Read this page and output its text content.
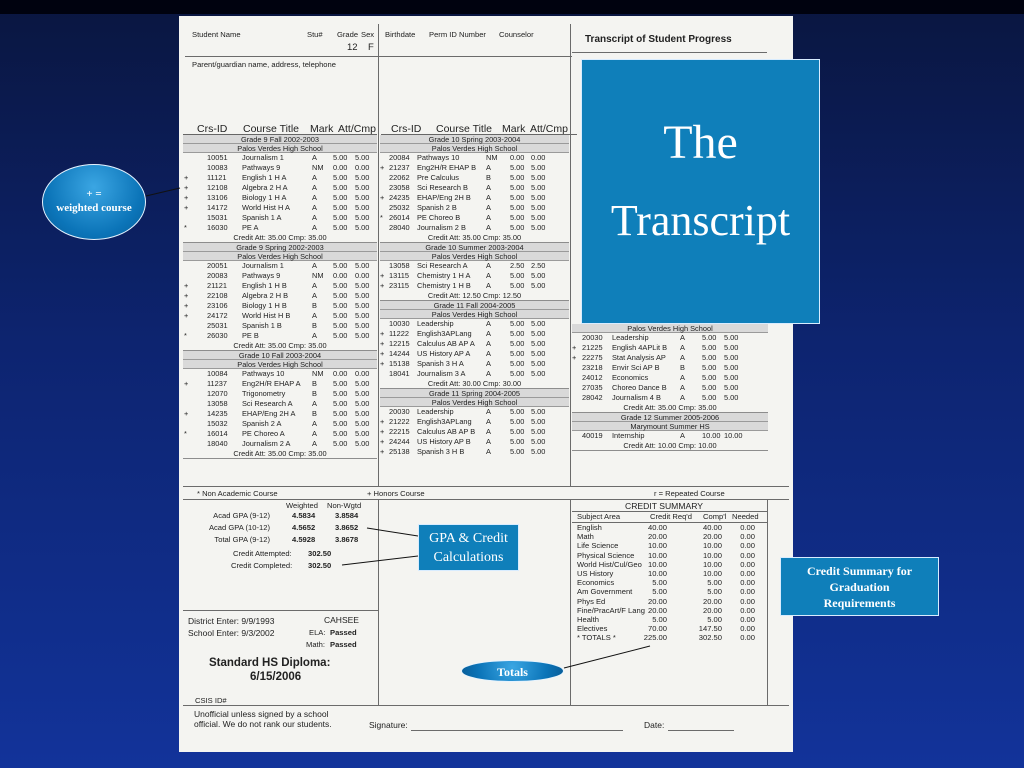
Student Name	Stu# Grade Sex Birthdate Perm ID Number Counselor
12 F
Transcript of Student Progress
Parent/guardian name, address, telephone
Crs-ID Course Title Mark Att/Cmp Crs-ID Course Title Mark Att/Cmp
Grade 9 Fall 2002-2003
Palos Verdes High School
10051 Journalism 1	A 5.00 5.00
10083 Pathways 9	NM 0.00 0.00
+	11121 English 1 H A	A 5.00 5.00
+	12108 Algebra 2 H A	A 5.00 5.00
+	13106 Biology 1 H A	A 5.00 5.00
+	14172 World Hist H A	A 5.00 5.00
15031 Spanish 1 A	A 5.00 5.00
*	16030 PE A	A 5.00 5.00
Credit Att: 35.00 Cmp: 35.00
Grade 9 Spring 2002-2003
Palos Verdes High School
20051 Journalism 1	A 5.00 5.00
20083 Pathways 9	NM 0.00 0.00
+	21121 English 1 H B	A 5.00 5.00
+	22108 Algebra 2 H B	A 5.00 5.00
+	23106 Biology 1 H B	B 5.00 5.00
+	24172 World Hist H B	A 5.00 5.00
25031 Spanish 1 B	B 5.00 5.00
*	26030 PE B	A 5.00 5.00
Credit Att: 35.00 Cmp: 35.00
Grade 10 Fall 2003-2004
Palos Verdes High School
10084 Pathways 10	NM 0.00 0.00
+	11237 Eng2H/R EHAP A B 5.00 5.00
12070 Trigonometry	B 5.00 5.00
13058 Sci Research A	A 5.00 5.00
+	14235 EHAP/Eng 2H A B 5.00 5.00
15032 Spanish 2 A	A 5.00 5.00
*	16014 PE Choreo A	A 5.00 5.00
18040 Journalism 2 A	A 5.00 5.00
Credit Att: 35.00 Cmp: 35.00
Grade 10 Spring 2003-2004
Palos Verdes High School
20084 Pathways 10	NM 0.00 0.00
+ 21237 Eng2H/R EHAP B A	5.00 5.00
22062 Pre Calculus	B	5.00 5.00
23058 Sci Research B A	5.00 5.00
+ 24235 EHAP/Eng 2H B A	5.00 5.00
25032 Spanish 2 B	A	5.00 5.00
* 26014 PE Choreo B	A	5.00 5.00
28040 Journalism 2 B	A	5.00 5.00
Credit Att: 35.00 Cmp: 35.00
Grade 10 Summer 2003-2004
Palos Verdes High School
13058 Sci Research A A	2.50 2.50
+ 13115 Chemistry 1 H A A	5.00 5.00
+ 23115 Chemistry 1 H B A	5.00 5.00
Credit Att: 12.50 Cmp: 12.50
Grade 11 Fall 2004-2005
Palos Verdes High School
10030 Leadership	A	5.00 5.00
+ 11222 English3APLang A	5.00 5.00
+ 12215 Calculus AB AP A A	5.00 5.00
+ 14244 US History AP A A	5.00 5.00
+ 15138 Spanish 3 H A	A	5.00 5.00
18041 Journalism 3 A	A	5.00 5.00
Credit Att: 30.00 Cmp: 30.00
Grade 11 Spring 2004-2005
Palos Verdes High School
20030 Leadership	A	5.00 5.00
+ 21222 English3APLang A	5.00 5.00
+ 22215 Calculus AB AP B A	5.00 5.00
+ 24244 US History AP B A	5.00 5.00
+ 25138 Spanish 3 H B	A	5.00 5.00
Palos Verdes High School
20030 Leadership	A 5.00 5.00
+ 21225 English 4APLit B A 5.00 5.00
+ 22275 Stat Analysis AP A 5.00 5.00
23218 Envir Sci AP B	B 5.00 5.00
24012 Economics	A 5.00 5.00
27035 Choreo Dance B A 5.00 5.00
28042 Journalism 4 B	A 5.00 5.00
Credit Att: 35.00 Cmp: 35.00
Grade 12 Summer 2005-2006
Marymount Summer HS
40019 Internship	A 10.00 10.00
Credit Att: 10.00 Cmp: 10.00
* Non Academic Course	+ Honors Course	r = Repeated Course
Weighted Non-Wgtd
Acad GPA (9-12)	4.5834	3.8584
Acad GPA (10-12)	4.5652	3.8652
Total GPA (9-12)	4.5928	3.8678
Credit Attempted: 302.50
Credit Completed: 302.50
District Enter: 9/9/1993
School Enter: 9/3/2002
CAHSEE
ELA: Passed
Math: Passed
Standard HS Diploma:
6/15/2006
CSIS ID#
CREDIT SUMMARY
Subject Area	Credit Req'd Comp'l Needed
English	40.00	40.00 0.00
Math	20.00	20.00 0.00
Life Science	10.00	10.00 0.00
Physical Science 10.00	10.00 0.00
World Hist/Cul/Geo 10.00	10.00 0.00
US History	10.00	10.00 0.00
Economics	5.00	5.00 0.00
Am Government	5.00	5.00 0.00
Phys Ed	20.00	20.00 0.00
Fine/PracArt/F Lang 20.00	20.00 0.00
Health	5.00	5.00 0.00
Electives	70.00	147.50 0.00
* TOTALS *	225.00	302.50 0.00
Unofficial unless signed by a school
official. We do not rank our students.	Signature:	Date:
The
Transcript
+ =
weighted course
GPA & Credit
Calculations
Credit Summary for
Graduation
Requirements
Totals
